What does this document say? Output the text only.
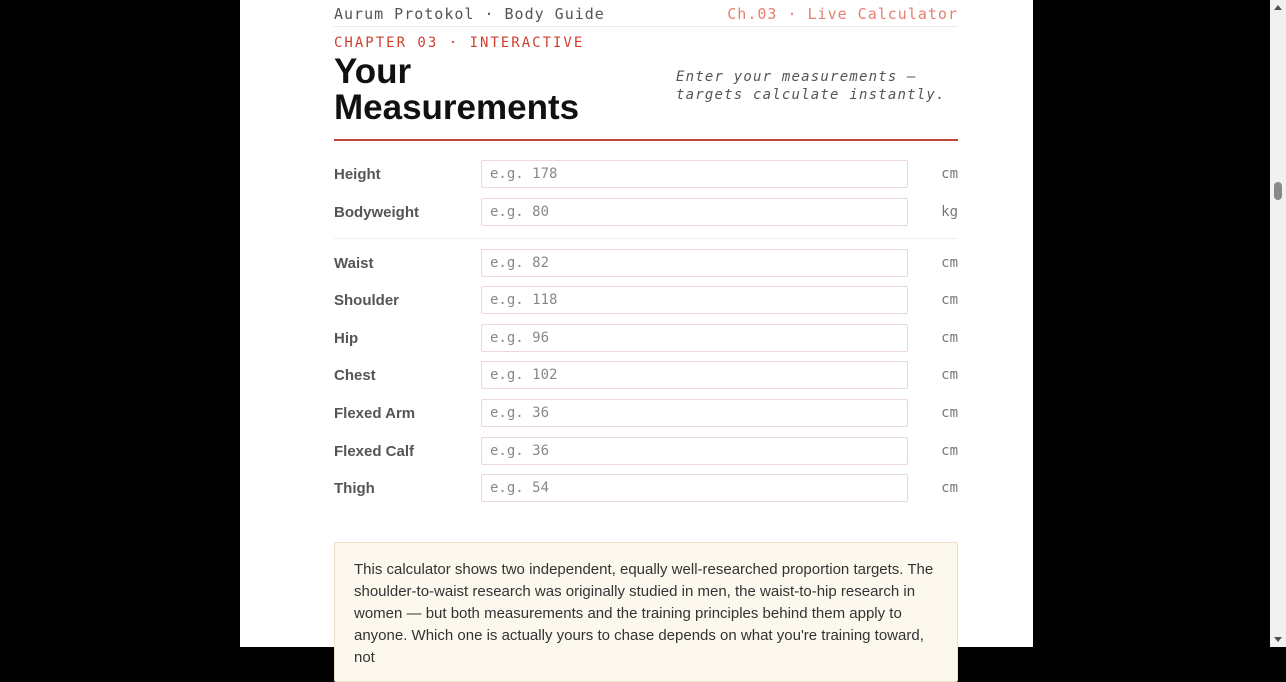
Aurum Protokol · Body Guide	Ch.03 · Live Calculator
CHAPTER 03 · INTERACTIVE
Your
Measurements
Enter your measurements — targets calculate instantly.
Height
e.g. 178	cm
Bodyweight
e.g. 80	kg
Waist
e.g. 82	cm
Shoulder
e.g. 118	cm
Hip
e.g. 96	cm
Chest
e.g. 102	cm
Flexed Arm
e.g. 36	cm
Flexed Calf
e.g. 36	cm
Thigh
e.g. 54	cm
This calculator shows two independent, equally well-researched proportion targets. The shoulder-to-waist research was originally studied in men, the waist-to-hip research in women — but both measurements and the training principles behind them apply to anyone. Which one is actually yours to chase depends on what you're training toward, not
